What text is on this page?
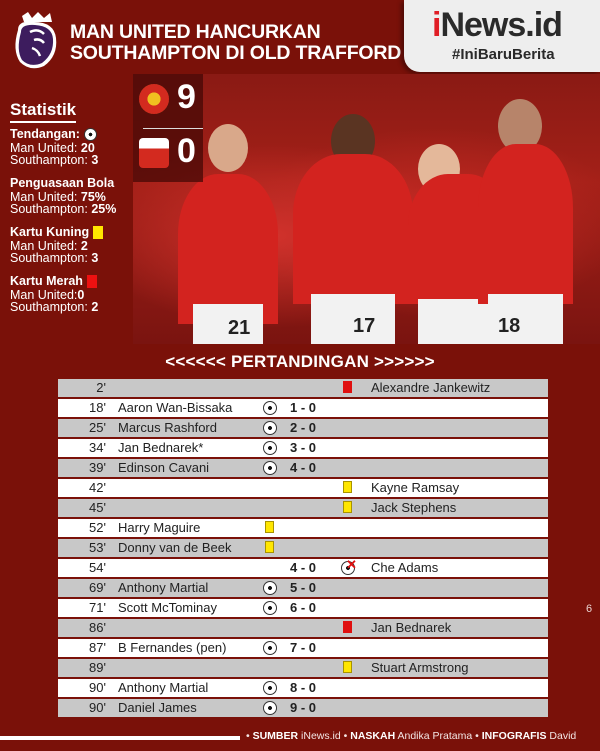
MAN UNITED HANCURKAN
SOUTHAMPTON DI OLD TRAFFORD
iNews.id
#IniBaruBerita
Statistik
Tendangan:
Man United: 20
Southampton: 3
Penguasaan Bola
Man United: 75%
Southampton: 25%
Kartu Kuning
Man United: 2
Southampton: 3
Kartu Merah
Man United:0
Southampton: 2
21	17	18
9
0
<<<<<< PERTANDINGAN >>>>>>
2'	Alexandre Jankewitz
18' Aaron Wan-Bissaka	1 - 0
25' Marcus Rashford	2 - 0
34' Jan Bednarek*	3 - 0
39' Edinson Cavani	4 - 0
42'	Kayne Ramsay
45'	Jack Stephens
52' Harry Maguire
53' Donny van de Beek
54'	4 - 0 ✕ Che Adams
69' Anthony Martial	5 - 0
71' Scott McTominay	6 - 0
86'	Jan Bednarek
87' B Fernandes (pen)	7 - 0
89'	Stuart Armstrong
90' Anthony Martial	8 - 0
90' Daniel James	9 - 0
6
• SUMBER iNews.id • NASKAH Andika Pratama • INFOGRAFIS David
